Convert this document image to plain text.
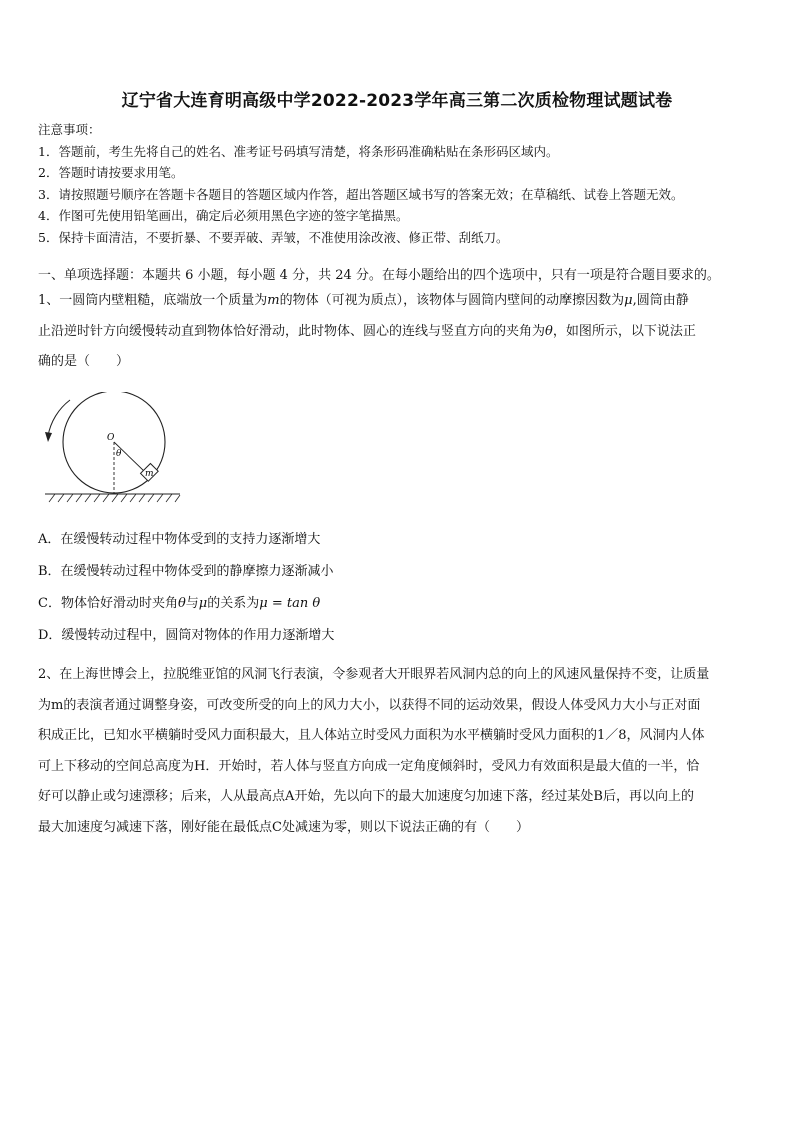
辽宁省大连育明高级中学2022-2023学年高三第二次质检物理试题试卷
注意事项：
1．答题前，考生先将自己的姓名、准考证号码填写清楚，将条形码准确粘贴在条形码区域内。
2．答题时请按要求用笔。
3．请按照题号顺序在答题卡各题目的答题区域内作答，超出答题区域书写的答案无效；在草稿纸、试卷上答题无效。
4．作图可先使用铅笔画出，确定后必须用黑色字迹的签字笔描黑。
5．保持卡面清洁，不要折暴、不要弄破、弄皱，不准使用涂改液、修正带、刮纸刀。
一、单项选择题：本题共 6 小题，每小题 4 分，共 24 分。在每小题给出的四个选项中，只有一项是符合题目要求的。
1、一圆筒内壁粗糙，底端放一个质量为m的物体（可视为质点），该物体与圆筒内壁间的动摩擦因数为μ,圆筒由静
止沿逆时针方向缓慢转动直到物体恰好滑动，此时物体、圆心的连线与竖直方向的夹角为θ，如图所示，以下说法正
确的是（　　）
m
O
θ
A．在缓慢转动过程中物体受到的支持力逐渐增大
B．在缓慢转动过程中物体受到的静摩擦力逐渐减小
C．物体恰好滑动时夹角θ与μ的关系为μ = tan θ
D．缓慢转动过程中，圆筒对物体的作用力逐渐增大
2、在上海世博会上，拉脱维亚馆的风洞飞行表演，令参观者大开眼界若风洞内总的向上的风速风量保持不变，让质量
为m的表演者通过调整身姿，可改变所受的向上的风力大小，以获得不同的运动效果，假设人体受风力大小与正对面
积成正比，已知水平横躺时受风力面积最大，且人体站立时受风力面积为水平横躺时受风力面积的1／8，风洞内人体
可上下移动的空间总高度为H．开始时，若人体与竖直方向成一定角度倾斜时，受风力有效面积是最大值的一半，恰
好可以静止或匀速漂移；后来，人从最高点A开始，先以向下的最大加速度匀加速下落，经过某处B后，再以向上的
最大加速度匀减速下落，刚好能在最低点C处减速为零，则以下说法正确的有（　　）
